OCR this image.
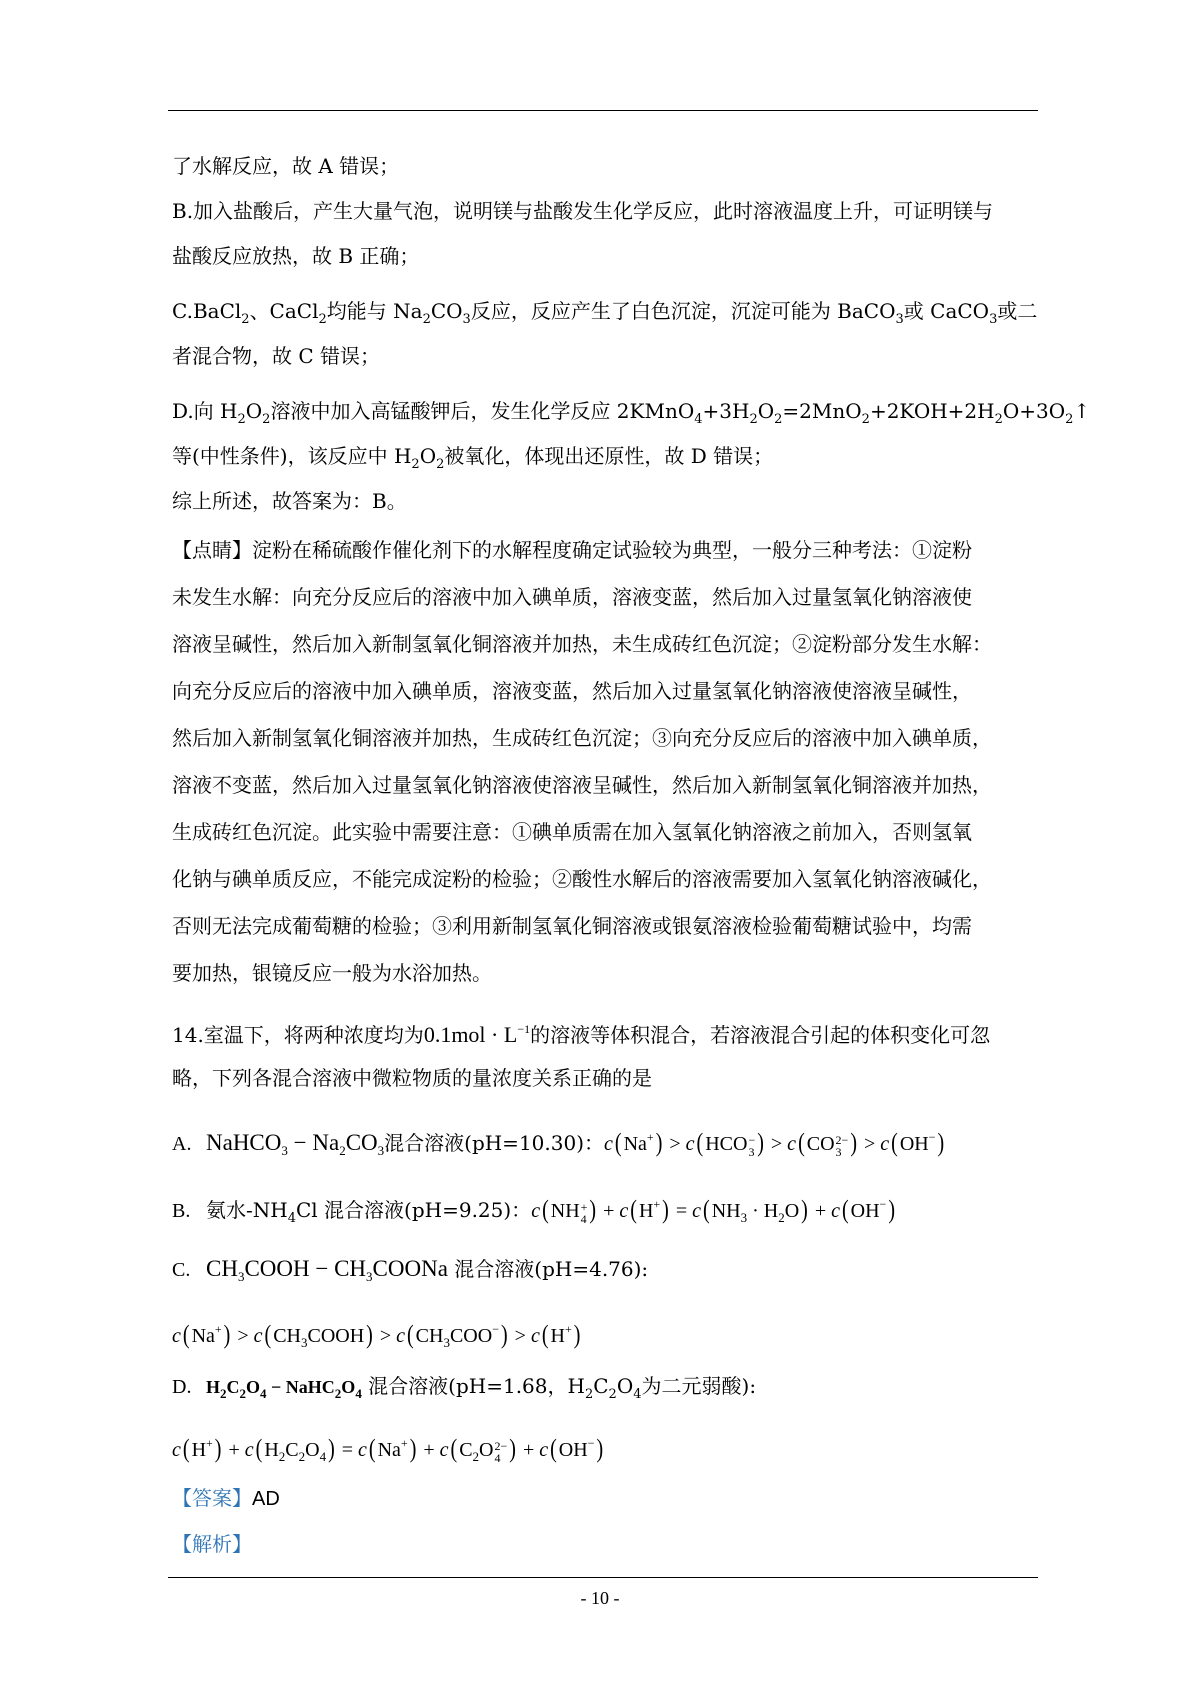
了水解反应，故 A 错误；
B.加入盐酸后，产生大量气泡，说明镁与盐酸发生化学反应，此时溶液温度上升，可证明镁与
盐酸反应放热，故 B 正确；
C.BaCl$_2$、CaCl$_2$均能与 $Na_2CO_3$反应，反应产生了白色沉淀，沉淀可能为 BaCO$_3$或 CaCO$_3$或二
者混合物，故 C 错误；
D.向 $H_2O_2$溶液中加入高锰酸钾后，发生化学反应 $2KMnO_4+3H_2O_2=2MnO_2+2KOH+2H_2O+3O_2↑$
等(中性条件)，该反应中 $H_2O_2$被氧化，体现出还原性，故 D 错误；
综上所述，故答案为：B。
【点睛】淀粉在稀硫酸作催化剂下的水解程度确定试验较为典型，一般分三种考法：①淀粉
未发生水解：向充分反应后的溶液中加入碘单质，溶液变蓝，然后加入过量氢氧化钠溶液使
溶液呈碱性，然后加入新制氢氧化铜溶液并加热，未生成砖红色沉淀；②淀粉部分发生水解：
向充分反应后的溶液中加入碘单质，溶液变蓝，然后加入过量氢氧化钠溶液使溶液呈碱性，
然后加入新制氢氧化铜溶液并加热，生成砖红色沉淀；③向充分反应后的溶液中加入碘单质，
溶液不变蓝，然后加入过量氢氧化钠溶液使溶液呈碱性，然后加入新制氢氧化铜溶液并加热，
生成砖红色沉淀。此实验中需要注意：①碘单质需在加入氢氧化钠溶液之前加入，否则氢氧
化钠与碘单质反应，不能完成淀粉的检验；②酸性水解后的溶液需要加入氢氧化钠溶液碱化，
否则无法完成葡萄糖的检验；③利用新制氢氧化铜溶液或银氨溶液检验葡萄糖试验中，均需
要加热，银镜反应一般为水浴加热。
14.室温下，将两种浓度均为$0.1mol \cdot L^{-1}$的溶液等体积混合，若溶液混合引起的体积变化可忽
略，下列各混合溶液中微粒物质的量浓度关系正确的是
A. NaHCO$_3$ − $Na_2CO_3$混合溶液(pH=10.30)：c ( Na+ ) > c ( HCO −
3 ) > c ( CO 2−
3 ) > c ( OH− )
B. 氨水$-NH_4Cl$ 混合溶液(pH=9.25)：c ( NH +
4 ) + c ( H+ ) = c ( $NH_3 \cdot H_2O$ ) + c ( OH− )
C. $CH_3COOH$ − $CH_3COONa$ 混合溶液(pH=4.76):
c ( Na+ ) > c ( $CH_3COOH$ ) > c ( $CH_3COO^-$ ) > c ( H+ )
D. $H_2C_2O_4$ − $NaHC_2O_4$ 混合溶液(pH=1.68，$H_2C_2O_4$为二元弱酸):
c ( H+ ) + c ( $H_2C_2O_4$ ) = c ( Na+ ) + c ( $C_2O$ 2−
4 ) + c ( OH− )
【答案】AD
【解析】
- 10 -
